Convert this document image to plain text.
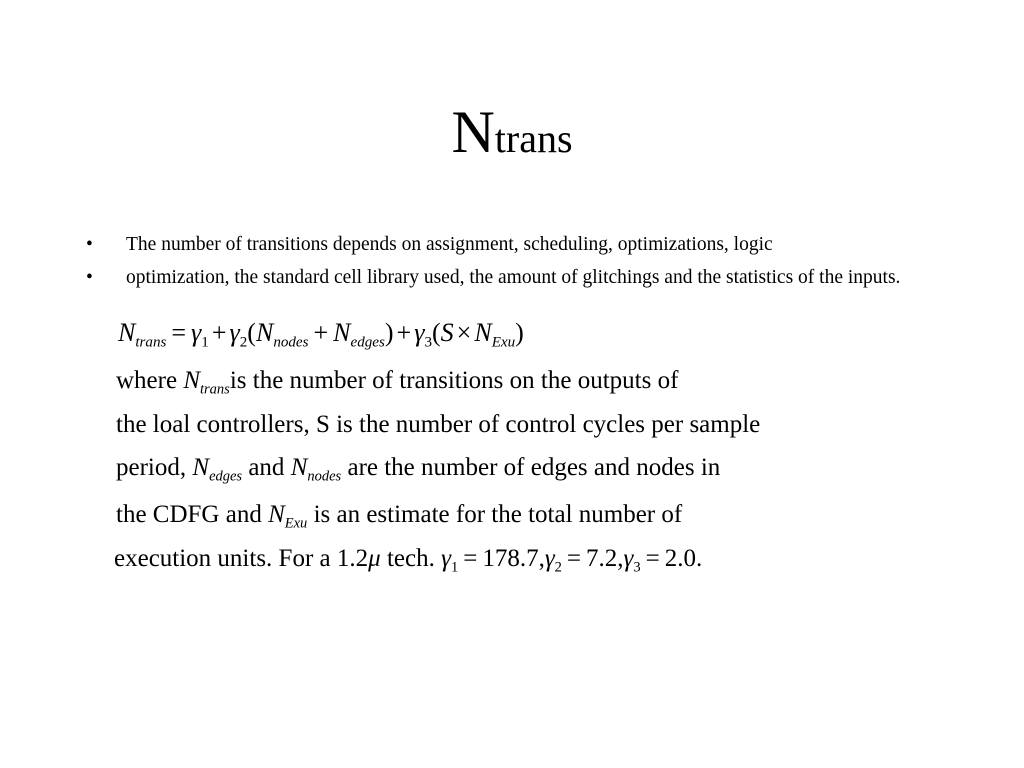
Ntrans
• The number of transitions depends on assignment, scheduling, optimizations, logic
• optimization, the standard cell library used, the amount of glitchings and the statistics of the inputs.
$N_{trans} = \gamma_1 + \gamma_2(N_{nodes} + N_{edges}) + \gamma_3(S \times N_{Exu})$
where $N_{trans}is$ the number of transitions on the outputs of
the loal controllers, S is the number of control cycles per sample
period, $N_{edges}$ and $N_{nodes}$ are the number of edges and nodes in
the CDFG and $N_{Exu}$ is an estimate for the total number of
execution units. For a 1.2μ tech. $\gamma_1 = 178.7,\gamma_2 = 7.2,\gamma_3 = 2.0$.
